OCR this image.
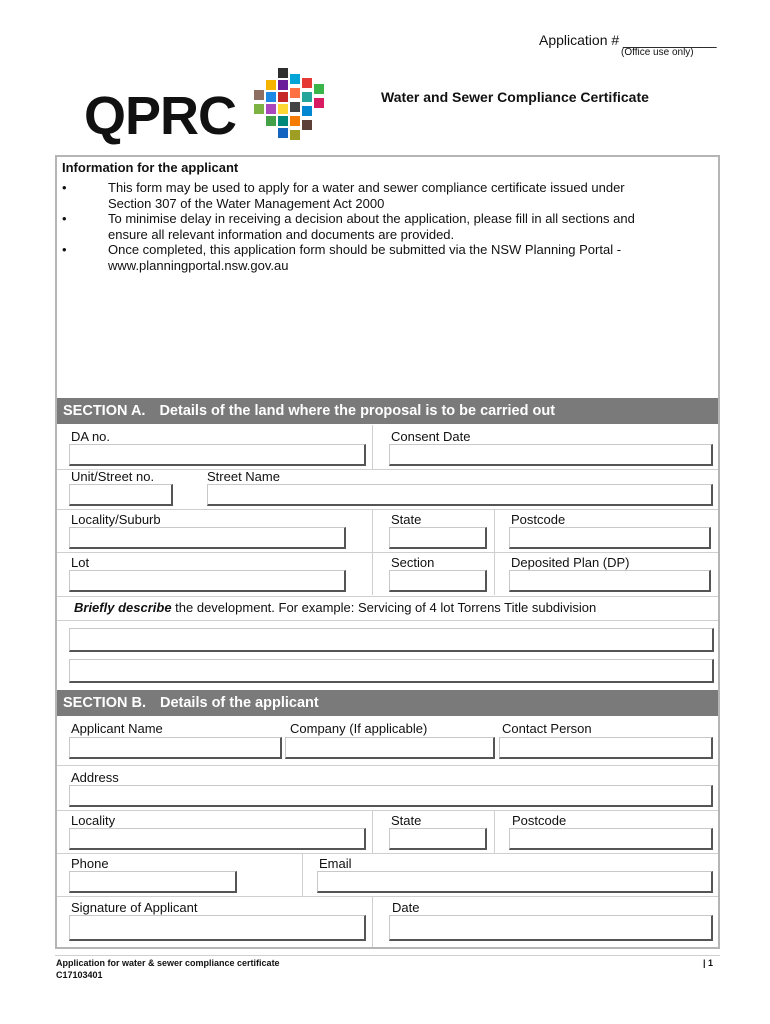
Application # ____________
(Office use only)
QPRC	Water and Sewer Compliance Certificate
Information for the applicant
•	This form may be used to apply for a water and sewer compliance certificate issued under
Section 307 of the Water Management Act 2000
•	To minimise delay in receiving a decision about the application, please fill in all sections and
ensure all relevant information and documents are provided.
•	Once completed, this application form should be submitted via the NSW Planning Portal -
www.planningportal.nsw.gov.au
SECTION A. Details of the land where the proposal is to be carried out
DA no.	Consent Date
Unit/Street no.	Street Name
Locality/Suburb	State	Postcode
Lot	Section	Deposited Plan (DP)
Briefly describe the development. For example: Servicing of 4 lot Torrens Title subdivision
SECTION B. Details of the applicant
Applicant Name	Company (If applicable)	Contact Person
Address
Locality	State	Postcode
Phone	Email
Signature of Applicant	Date
Application for water & sewer compliance certificate
C17103401
| 1
